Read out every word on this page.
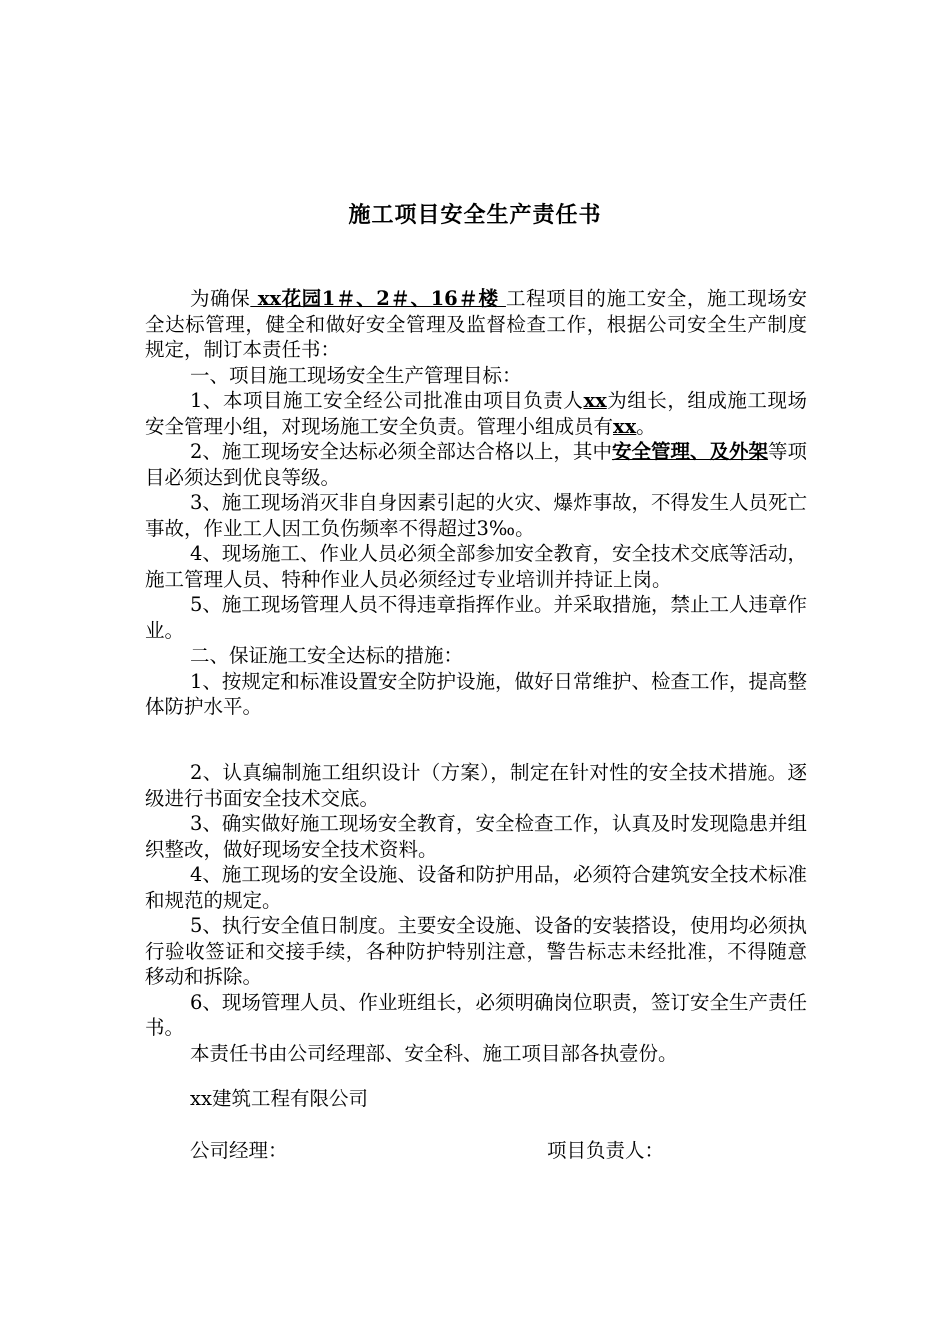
施工项目安全生产责任书

为确保 xx花园1＃、2＃、16＃楼 工程项目的施工安全，施工现场安全达标管理，健全和做好安全管理及监督检查工作，根据公司安全生产制度规定，制订本责任书：

一、项目施工现场安全生产管理目标：

1、本项目施工安全经公司批准由项目负责人xx为组长，组成施工现场安全管理小组，对现场施工安全负责。管理小组成员有xx。

2、施工现场安全达标必须全部达合格以上，其中安全管理、及外架等项目必须达到优良等级。

3、施工现场消灭非自身因素引起的火灾、爆炸事故，不得发生人员死亡事故，作业工人因工负伤频率不得超过3‰。

4、现场施工、作业人员必须全部参加安全教育，安全技术交底等活动，施工管理人员、特种作业人员必须经过专业培训并持证上岗。

5、施工现场管理人员不得违章指挥作业。并采取措施，禁止工人违章作业。

二、保证施工安全达标的措施：

1、按规定和标准设置安全防护设施，做好日常维护、检查工作，提高整体防护水平。

2、认真编制施工组织设计（方案），制定在针对性的安全技术措施。逐级进行书面安全技术交底。

3、确实做好施工现场安全教育，安全检查工作，认真及时发现隐患并组织整改，做好现场安全技术资料。

4、施工现场的安全设施、设备和防护用品，必须符合建筑安全技术标准和规范的规定。

5、执行安全值日制度。主要安全设施、设备的安装搭设，使用均必须执行验收签证和交接手续，各种防护特别注意，警告标志未经批准，不得随意移动和拆除。

6、现场管理人员、作业班组长，必须明确岗位职责，签订安全生产责任书。

本责任书由公司经理部、安全科、施工项目部各执壹份。

xx建筑工程有限公司
公司经理：	项目负责人：
